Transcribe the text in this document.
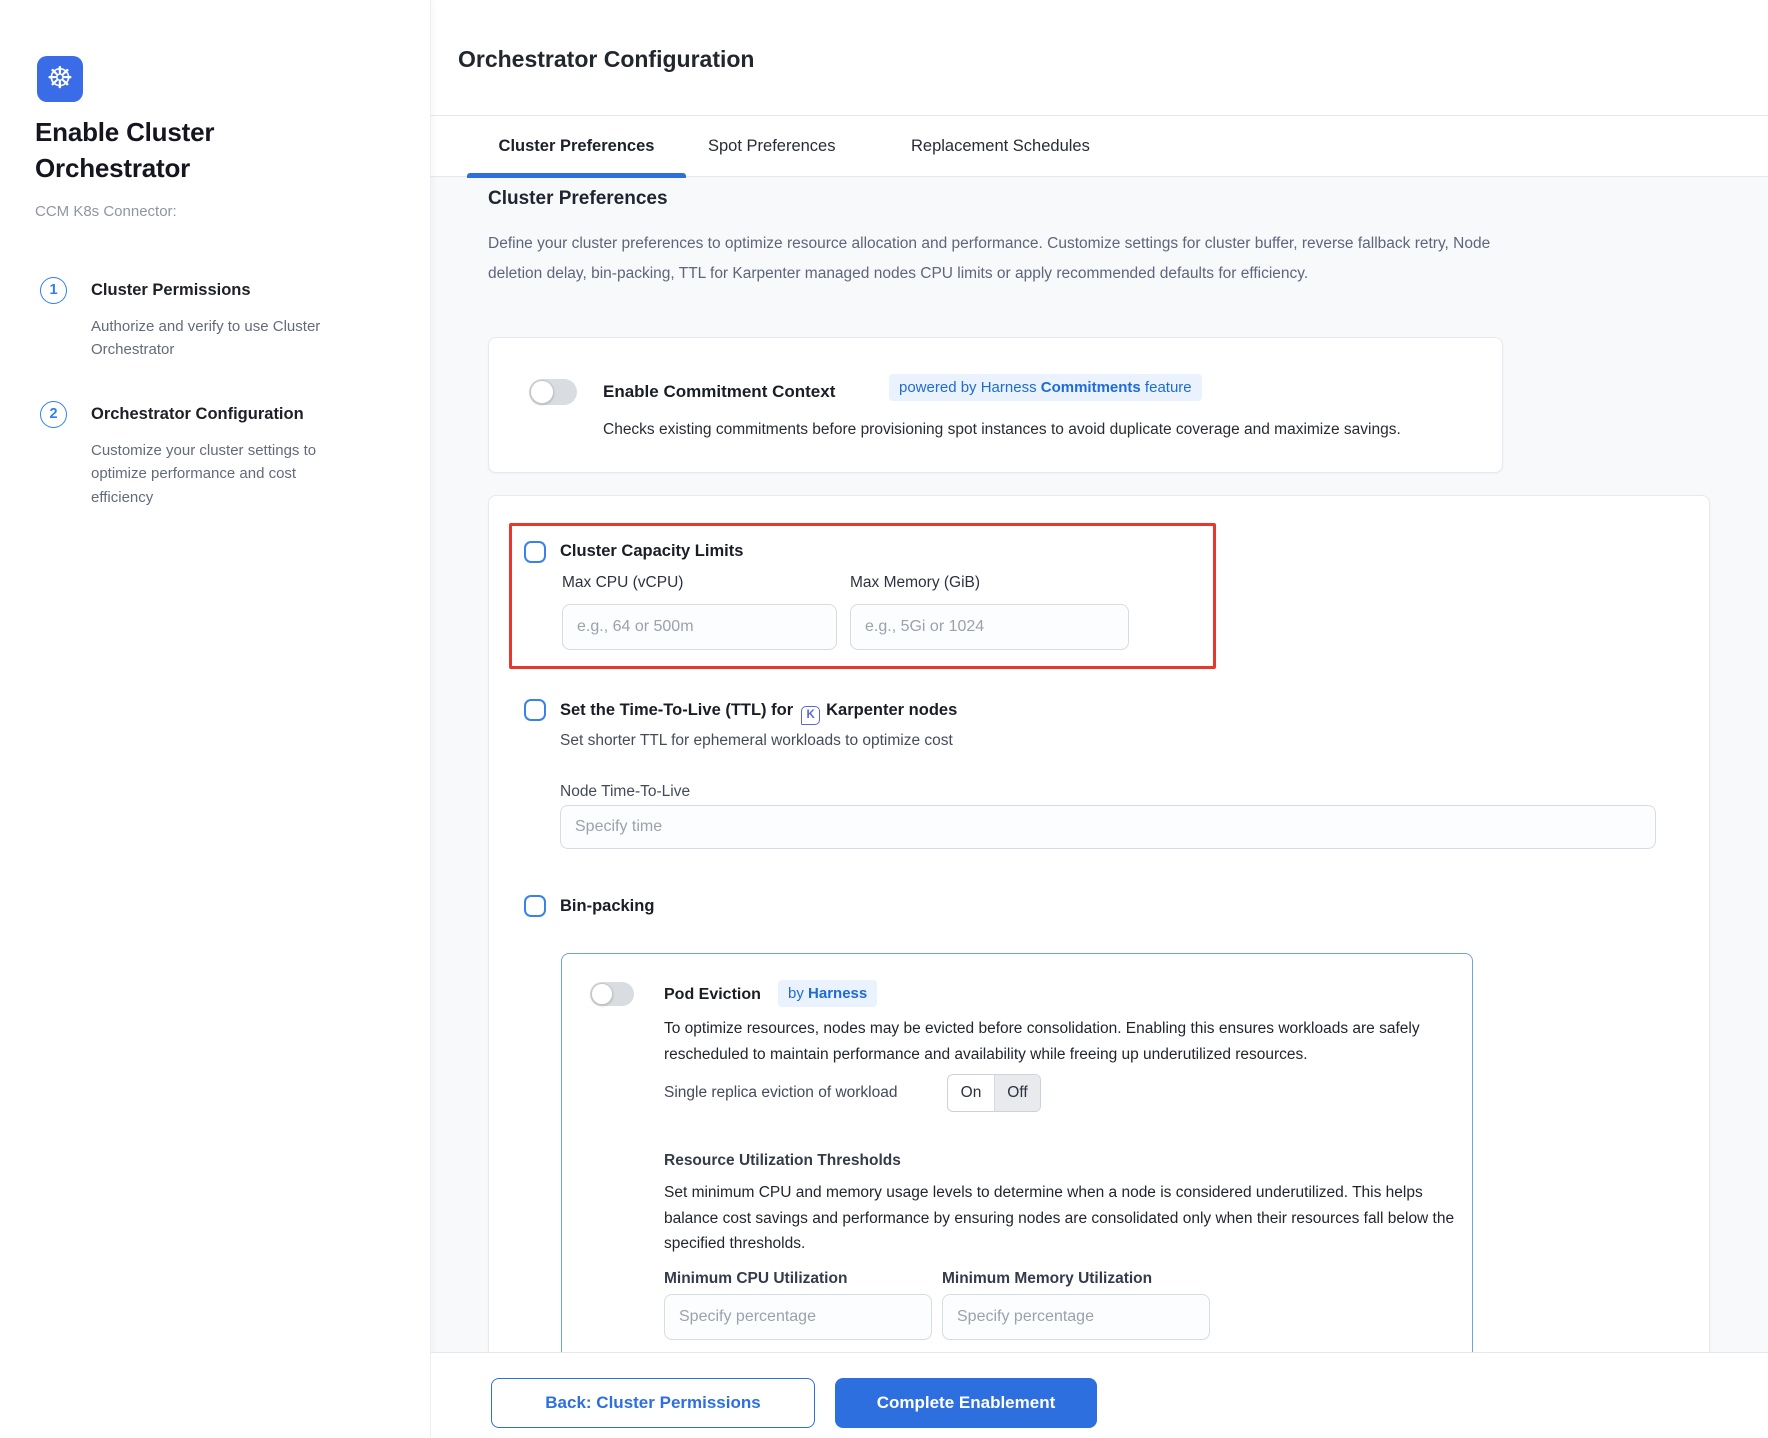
☸
Enable Cluster
Orchestrator
CCM K8s Connector:
1	Cluster Permissions
Authorize and verify to use Cluster Orchestrator
2	Orchestrator Configuration
Customize your cluster settings to optimize performance and cost efficiency
Orchestrator Configuration
Cluster Preferences	Spot Preferences	Replacement Schedules
Cluster Preferences
Define your cluster preferences to optimize resource allocation and performance. Customize settings for cluster buffer, reverse fallback retry, Node deletion delay, bin-packing, TTL for Karpenter managed nodes CPU limits or apply recommended defaults for efficiency.
Enable Commitment Context	powered by Harness Commitments feature
Checks existing commitments before provisioning spot instances to avoid duplicate coverage and maximize savings.
Cluster Capacity Limits
Max CPU (vCPU)	Max Memory (GiB)
e.g., 64 or 500m
e.g., 5Gi or 1024
Set the Time-To-Live (TTL) for K Karpenter nodes
Set shorter TTL for ephemeral workloads to optimize cost
Node Time-To-Live
Specify time
Bin-packing
Pod Eviction	by Harness
To optimize resources, nodes may be evicted before consolidation. Enabling this ensures workloads are safely rescheduled to maintain performance and availability while freeing up underutilized resources.
Single replica eviction of workload	On	Off
Resource Utilization Thresholds
Set minimum CPU and memory usage levels to determine when a node is considered underutilized. This helps balance cost savings and performance by ensuring nodes are consolidated only when their resources fall below the specified thresholds.
Minimum CPU Utilization	Minimum Memory Utilization
Specify percentage
Specify percentage
Back: Cluster Permissions	Complete Enablement
